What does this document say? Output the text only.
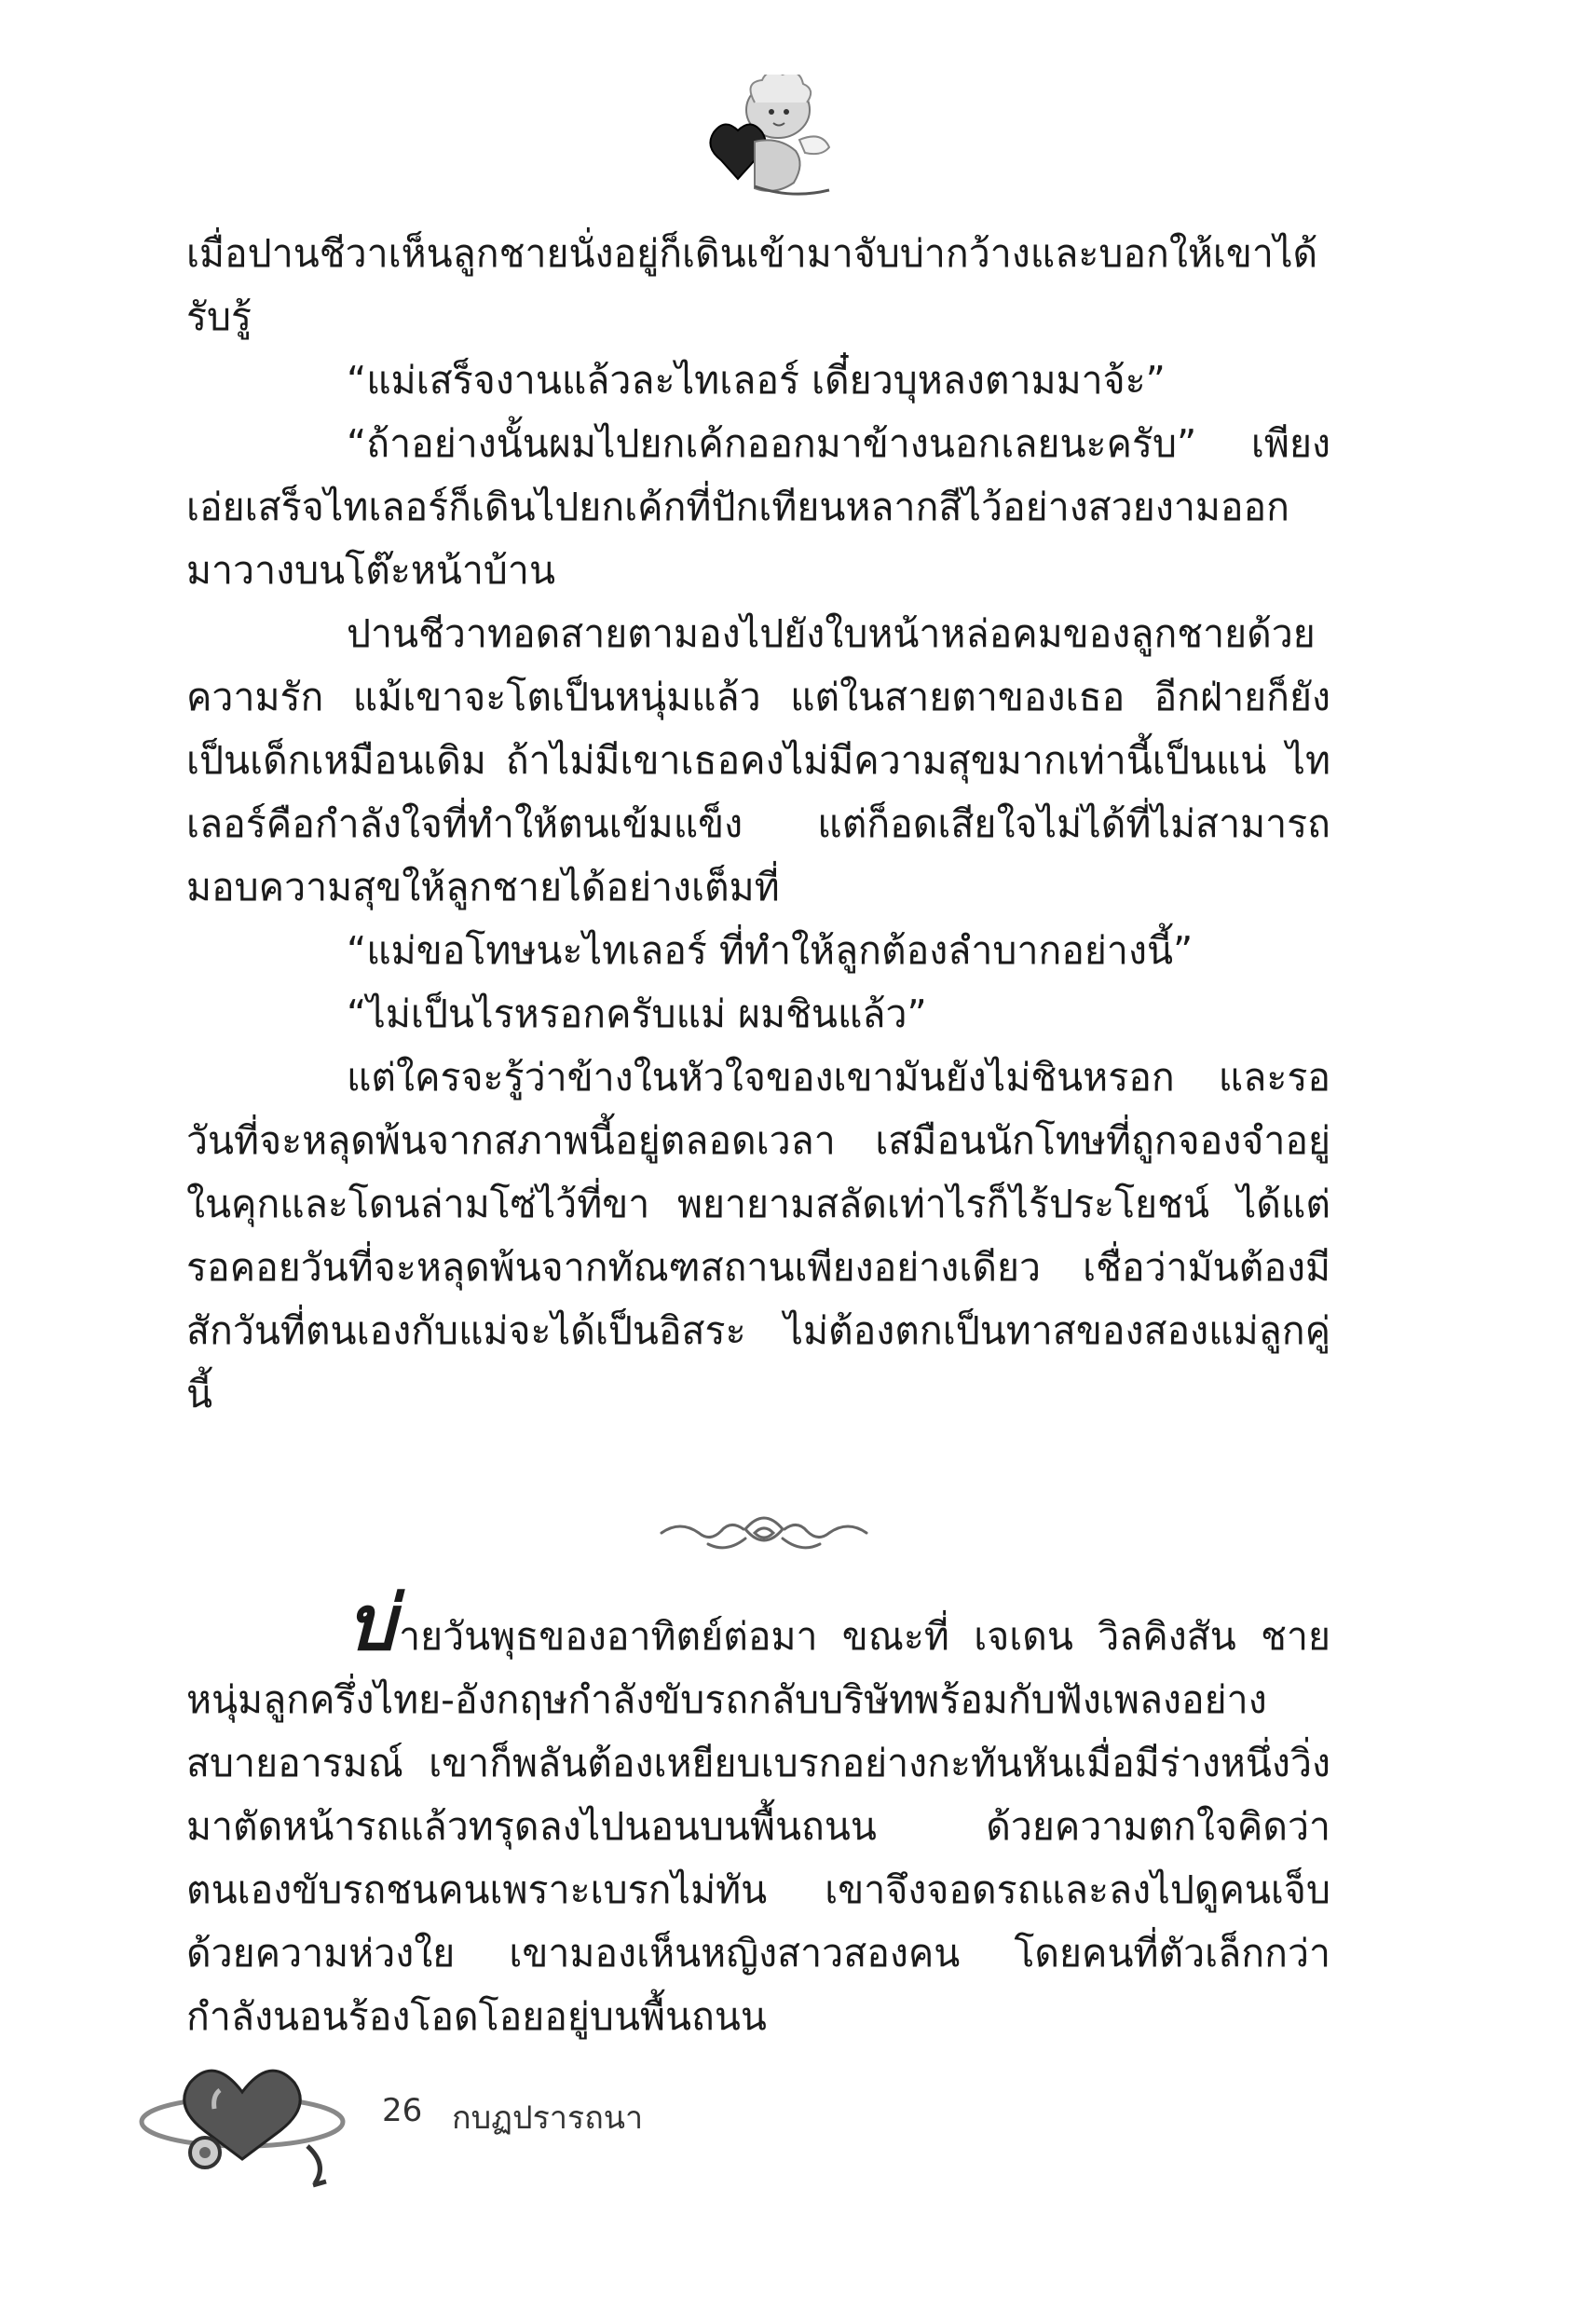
เมื่อปานชีวาเห็นลูกชายนั่งอยู่ก็เดินเข้ามาจับบ่ากว้างและบอกให้เขาได้รับรู้

“แม่เสร็จงานแล้วละไทเลอร์ เดี๋ยวบุหลงตามมาจ้ะ”

“ถ้าอย่างนั้นผมไปยกเค้กออกมาข้างนอกเลยนะครับ” เพียงเอ่ยเสร็จไทเลอร์ก็เดินไปยกเค้กที่ปักเทียนหลากสีไว้อย่างสวยงามออกมาวางบนโต๊ะหน้าบ้าน

ปานชีวาทอดสายตามองไปยังใบหน้าหล่อคมของลูกชายด้วยความรัก แม้เขาจะโตเป็นหนุ่มแล้ว แต่ในสายตาของเธอ อีกฝ่ายก็ยังเป็นเด็กเหมือนเดิม ถ้าไม่มีเขาเธอคงไม่มีความสุขมากเท่านี้เป็นแน่ ไทเลอร์คือกำลังใจที่ทำให้ตนเข้มแข็ง แต่ก็อดเสียใจไม่ได้ที่ไม่สามารถมอบความสุขให้ลูกชายได้อย่างเต็มที่

“แม่ขอโทษนะไทเลอร์ ที่ทำให้ลูกต้องลำบากอย่างนี้”

“ไม่เป็นไรหรอกครับแม่ ผมชินแล้ว”

แต่ใครจะรู้ว่าข้างในหัวใจของเขามันยังไม่ชินหรอก และรอวันที่จะหลุดพ้นจากสภาพนี้อยู่ตลอดเวลา เสมือนนักโทษที่ถูกจองจำอยู่ในคุกและโดนล่ามโซ่ไว้ที่ขา พยายามสลัดเท่าไรก็ไร้ประโยชน์ ได้แต่รอคอยวันที่จะหลุดพ้นจากทัณฑสถานเพียงอย่างเดียว เชื่อว่ามันต้องมีสักวันที่ตนเองกับแม่จะได้เป็นอิสระ ไม่ต้องตกเป็นทาสของสองแม่ลูกคู่นี้

บ่ายวันพุธของอาทิตย์ต่อมา ขณะที่ เจเดน วิลคิงสัน ชายหนุ่มลูกครึ่งไทย-อังกฤษกำลังขับรถกลับบริษัทพร้อมกับฟังเพลงอย่างสบายอารมณ์ เขาก็พลันต้องเหยียบเบรกอย่างกะทันหันเมื่อมีร่างหนึ่งวิ่งมาตัดหน้ารถแล้วทรุดลงไปนอนบนพื้นถนน ด้วยความตกใจคิดว่าตนเองขับรถชนคนเพราะเบรกไม่ทัน เขาจึงจอดรถและลงไปดูคนเจ็บด้วยความห่วงใย เขามองเห็นหญิงสาวสองคน โดยคนที่ตัวเล็กกว่ากำลังนอนร้องโอดโอยอยู่บนพื้นถนน

26 กบฏปรารถนา
